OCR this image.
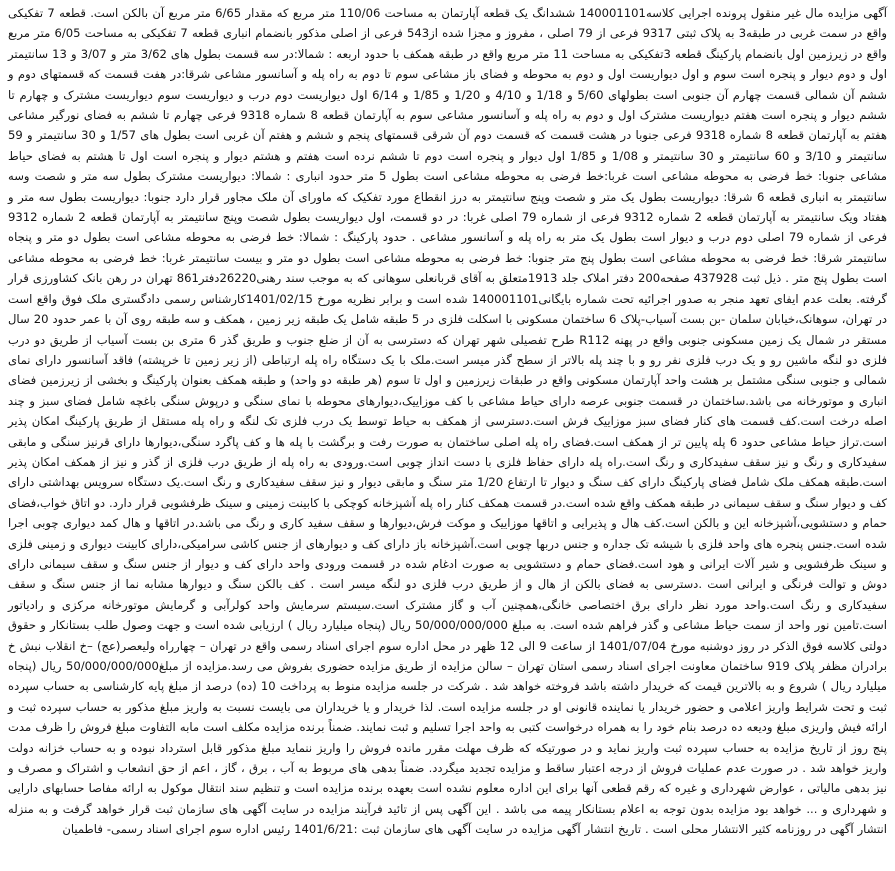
آگهی مزایده مال غیر منقول پرونده اجرایی کلاسه140001101 ششدانگ یک قطعه آپارتمان به مساحت 110/06 متر مربع که مقدار 6/65 متر مربع آن بالکن است. قطعه 7 تفکیکی واقع در سمت غربی در طبقه3 به پلاک ثبتی 9317 فرعی از 79 اصلی ، مفروز و مجزا شده از543 فرعی از اصلی مذکور بانضمام انباری قطعه 7 تفکیکی به مساحت 6/05 متر مربع واقع در زیرزمین اول بانضمام پارکینگ قطعه 3تفکیکی به مساحت 11 متر مربع واقع در طبقه همکف با حدود اربعه : شمالا:در سه قسمت بطول های 3/62 متر و 3/07 و 13 سانتیمتر اول و دوم دیوار و پنجره است سوم و اول دیواریست اول و دوم به محوطه و فضای باز مشاعی سوم تا دوم به راه پله و آسانسور مشاعی شرقا:در هفت قسمت که قسمتهای دوم و ششم آن شمالی قسمت چهارم آن جنوبی است بطولهای 5/60 و 1/18 و 4/10 و 1/20 و 1/85 و 6/14 اول دیواریست دوم درب و دیواریست سوم دیواریست مشترک و چهارم تا ششم دیوار و پنجره است هفتم دیواریست مشترک اول و دوم به راه پله و آسانسور مشاعی سوم به آپارتمان قطعه 8 شماره 9318 فرعی چهارم تا ششم به فضای نورگیر مشاعی هفتم به آپارتمان قطعه 8 شماره 9318 فرعی جنوبا در هشت قسمت که قسمت دوم آن شرقی قسمتهای پنجم و ششم و هفتم آن غربی است بطول های 1/57 و 30 سانتیمتر و 59 سانتیمتر و 3/10 و 60 سانتیمتر و 30 سانتیمتر و 1/08 و 1/85 اول دیوار و پنجره است دوم تا ششم نرده است هفتم و هشتم دیوار و پنجره است اول تا هشتم به فضای حیاط مشاعی جنوبا: خط فرضی به محوطه مشاعی است غربا:خط فرضی به محوطه مشاعی است بطول 5 متر حدود انباری : شمالا: دیواریست مشترک بطول سه متر و شصت وسه سانتیمتر به انباری قطعه 6 شرقا: دیواریست بطول یک متر و شصت وپنج سانتیمتر به درز انقطاع مورد تفکیک که ماورای آن ملک مجاور قرار دارد جنوبا: دیواریست بطول سه متر و هفتاد ویک سانتیمتر به آپارتمان قطعه 2 شماره 9312 فرعی از شماره 79 اصلی غربا: در دو قسمت، اول دیواریست بطول شصت وپنج سانتیمتر به آپارتمان قطعه 2 شماره 9312 فرعی از شماره 79 اصلی دوم درب و دیوار است بطول یک متر به راه پله و آسانسور مشاعی . حدود پارکینگ : شمالا: خط فرضی به محوطه مشاعی است بطول دو متر و پنجاه سانتیمتر شرقا: خط فرضی به محوطه مشاعی است بطول پنج متر جنوبا: خط فرضی به محوطه مشاعی است بطول دو متر و بیست سانتیمتر غربا: خط فرضی به محوطه مشاعی است بطول پنج متر . ذیل ثبت 437928 صفحه200 دفتر املاک جلد 1913متعلق به آقای قربانعلی سوهانی که به موجب سند رهنی26220دفتر861 تهران در رهن بانک کشاورزی قرار گرفته. بعلت عدم ایفای تعهد منجر به صدور اجرائیه تحت شماره بایگانی140001101 شده است و برابر نظریه مورخ 1401/02/15کارشناس رسمی دادگستری ملک فوق واقع است در تهران، سوهانک،خیابان سلمان -بن بست آسیاب-پلاک 6 ساختمان مسکونی با اسکلت فلزی در 5 طبقه شامل یک طبقه زیر زمین ، همکف و سه طبقه روی آن با عمر حدود 20 سال مستقر در شمال یک زمین مسکونی جنوبی واقع در پهنه R112 طرح تفصیلی شهر تهران که دسترسی به آن از ضلع جنوب و طریق گذر 6 متری بن بست آسیاب از طریق دو درب فلزی دو لنگه ماشین رو و یک درب فلزی نفر رو و با چند پله بالاتر از سطح گذر میسر است.ملک با یک دستگاه راه پله ارتباطی (از زیر زمین تا خرپشته) فاقد آسانسور دارای نمای شمالی و جنوبی سنگی مشتمل بر هشت واحد آپارتمان مسکونی واقع در طبقات زیرزمین و اول تا سوم (هر طبقه دو واحد) و طبقه همکف بعنوان پارکینگ و بخشی از زیرزمین فضای انباری و موتورخانه می باشد.ساختمان در قسمت جنوبی عرصه دارای حیاط مشاعی با کف موزاییک،دیوارهای محوطه با نمای سنگی و درپوش سنگی باغچه شامل فضای سبز و چند اصله درخت است.کف قسمت های کنار فضای سبز موزاییک فرش است.دسترسی از همکف به حیاط توسط یک درب فلزی تک لنگه و راه پله مستقل از طریق پارکینگ امکان پذیر است.تراز حیاط مشاعی حدود 6 پله پایین تر از همکف است.فضای راه پله اصلی ساختمان به صورت رفت و برگشت با پله ها و کف پاگرد سنگی،دیوارها دارای قرنیز سنگی و مابقی سفیدکاری و رنگ و نیز سقف سفیدکاری و رنگ است.راه پله دارای حفاظ فلزی با دست انداز چوبی است.ورودی به راه پله از طریق درب فلزی از گذر و نیز از همکف امکان پذیر است.طبقه همکف ملک شامل فضای پارکینگ دارای کف سنگ و دیوار تا ارتفاع 1/20 متر سنگ و مابقی دیوار و نیز سقف سفیدکاری و رنگ است.یک دستگاه سرویس بهداشتی دارای کف و دیوار سنگ و سقف سیمانی در طبقه همکف واقع شده است.در قسمت همکف کنار راه پله آشپزخانه کوچکی با کابینت زمینی و سینک ظرفشویی قرار دارد. دو اتاق خواب،فضای حمام و دستشویی،آشپزخانه این و بالکن است.کف هال و پذیرایی و اتاقها موزاییک و موکت فرش،دیوارها و سقف سفید کاری و رنگ می باشد.در اتاقها و هال کمد دیواری چوبی اجرا شده است.جنس پنجره های واحد فلزی با شیشه تک جداره و جنس دربها چوبی است.آشپزخانه باز دارای کف و دیوارهای از جنس کاشی سرامیکی،دارای کابینت دیواری و زمینی فلزی و سینک ظرفشویی و شیر آلات ایرانی و هود است.فضای حمام و دستشویی به صورت ادغام شده در قسمت ورودی واحد دارای کف و دیوار از جنس سنگ و سقف سیمانی دارای دوش و توالت فرنگی و ایرانی است .دسترسی به فضای بالکن از هال و از طریق درب فلزی دو لنگه میسر است . کف بالکن سنگ و دیوارها مشابه نما از جنس سنگ و سقف سفیدکاری و رنگ است.واحد مورد نظر دارای برق اختصاصی خانگی،همچنین آب و گاز مشترک است.سیستم سرمایش واحد کولرآبی و گرمایش موتورخانه مرکزی و رادیاتور است.تامین نور واحد از سمت حیاط مشاعی و گذر فراهم شده است. به مبلغ 50/000/000/000 ریال (پنجاه میلیارد ریال ) ارزیابی شده است و جهت وصول طلب بستانکار و حقوق دولتی کلاسه فوق الذکر در روز دوشنبه مورخ 1401/07/04 از ساعت 9 الی 12 ظهر در محل اداره سوم اجرای اسناد رسمی واقع در تهران – چهارراه ولیعصر(عج) –خ انقلاب نبش خ برادران مظفر پلاک 919 ساختمان معاونت اجرای اسناد رسمی استان تهران – سالن مزایده از طریق مزایده حضوری بفروش می رسد.مزایده از مبلغ50/000/000/000 ریال (پنجاه میلیارد ریال ) شروع و به بالاترین قیمت که خریدار داشته باشد فروخته خواهد شد . شرکت در جلسه مزایده منوط به پرداخت 10 (ده) درصد از مبلغ پایه کارشناسی به حساب سپرده ثبت و تحت شرایط واریز اعلامی و حضور خریدار یا نماینده قانونی او در جلسه مزایده است. لذا خریدار و یا خریداران می بایست نسبت به واریز مبلغ مذکور به حساب سپرده ثبت و ارائه فیش واریزی مبلغ ودیعه ده درصد بنام خود را به همراه درخواست کتبی به واحد اجرا تسلیم و ثبت نمایند. ضمناً برنده مزایده مکلف است مابه التفاوت مبلغ فروش را ظرف مدت پنج روز از تاریخ مزایده به حساب سپرده ثبت واریز نماید و در صورتیکه که ظرف مهلت مقرر مانده فروش را واریز ننماید مبلغ مذکور قابل استرداد نبوده و به حساب خزانه دولت واریز خواهد شد . در صورت عدم عملیات فروش از درجه اعتبار ساقط و مزایده تجدید میگردد. ضمناً بدهی های مربوط به آب ، برق ، گاز ، اعم از حق انشعاب و اشتراک و مصرف و نیز بدهی مالیاتی ، عوارض شهرداری و غیره که رقم قطعی آنها برای این اداره معلوم نشده است بعهده برنده مزایده است و تنظیم سند انتقال موکول به ارائه مفاصا حسابهای دارایی و شهرداری و ... خواهد بود مزایده بدون توجه به اعلام بستانکار پیمه می باشد . این آگهی پس از تائید فرآیند مزایده در سایت آگهی های سازمان ثبت قرار خواهد گرفت و به منزله انتشار آگهی در روزنامه کثیر الانتشار محلی است . تاریخ انتشار آگهی مزایده در سایت آگهی های سازمان ثبت :1401/6/21 رئیس اداره سوم اجرای اسناد رسمی- فاطمیان
